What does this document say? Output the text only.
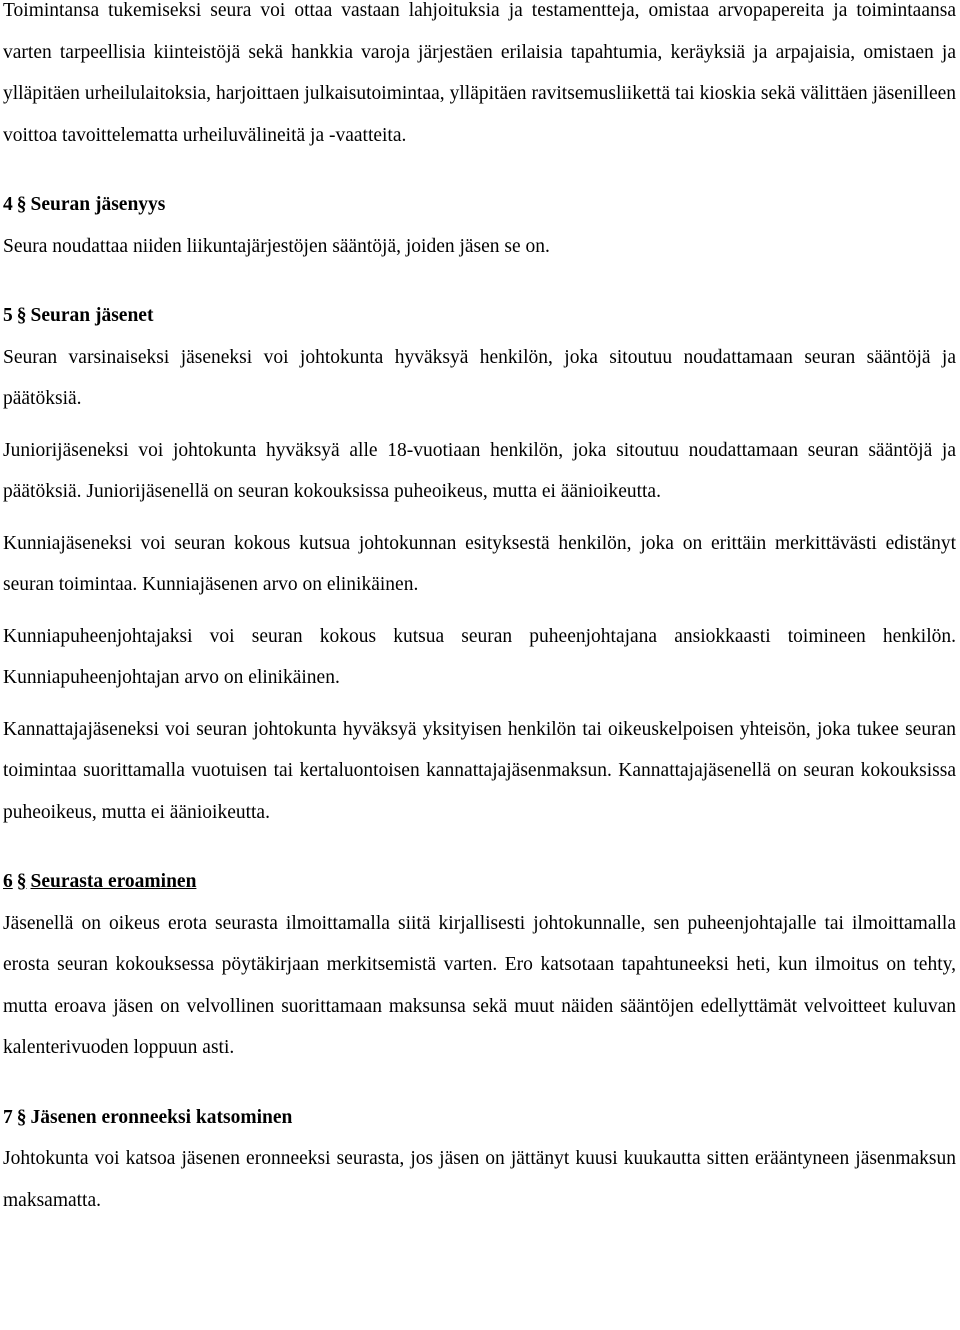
Toimintansa tukemiseksi seura voi ottaa vastaan lahjoituksia ja testamentteja, omistaa arvopapereita ja toimintaansa varten tarpeellisia kiinteistöjä sekä hankkia varoja järjestäen erilaisia tapahtumia, keräyksiä ja arpajaisia, omistaen ja ylläpitäen urheilulaitoksia, harjoittaen julkaisutoimintaa, ylläpitäen ravitsemusliikettä tai kioskia sekä välittäen jäsenilleen voittoa tavoittelematta urheiluvälineitä ja -vaatteita.

4 § Seuran jäsenyys

Seura noudattaa niiden liikuntajärjestöjen sääntöjä, joiden jäsen se on.

5 § Seuran jäsenet

Seuran varsinaiseksi jäseneksi voi johtokunta hyväksyä henkilön, joka sitoutuu noudattamaan seuran sääntöjä ja päätöksiä.

Juniorijäseneksi voi johtokunta hyväksyä alle 18-vuotiaan henkilön, joka sitoutuu noudattamaan seuran sääntöjä ja päätöksiä. Juniorijäsenellä on seuran kokouksissa puheoikeus, mutta ei äänioikeutta.

Kunniajäseneksi voi seuran kokous kutsua johtokunnan esityksestä henkilön, joka on erittäin merkittävästi edistänyt seuran toimintaa. Kunniajäsenen arvo on elinikäinen.

Kunniapuheenjohtajaksi voi seuran kokous kutsua seuran puheenjohtajana ansiokkaasti toimineen henkilön. Kunniapuheenjohtajan arvo on elinikäinen.

Kannattajajäseneksi voi seuran johtokunta hyväksyä yksityisen henkilön tai oikeuskelpoisen yhteisön, joka tukee seuran toimintaa suorittamalla vuotuisen tai kertaluontoisen kannattajajäsenmaksun. Kannattajajäsenellä on seuran kokouksissa puheoikeus, mutta ei äänioikeutta.

6 § Seurasta eroaminen

Jäsenellä on oikeus erota seurasta ilmoittamalla siitä kirjallisesti johtokunnalle, sen puheenjohtajalle tai ilmoittamalla erosta seuran kokouksessa pöytäkirjaan merkitsemistä varten. Ero katsotaan tapahtuneeksi heti, kun ilmoitus on tehty, mutta eroava jäsen on velvollinen suorittamaan maksunsa sekä muut näiden sääntöjen edellyttämät velvoitteet kuluvan kalenterivuoden loppuun asti.

7 § Jäsenen eronneeksi katsominen

Johtokunta voi katsoa jäsenen eronneeksi seurasta, jos jäsen on jättänyt kuusi kuukautta sitten erääntyneen jäsenmaksun maksamatta.
